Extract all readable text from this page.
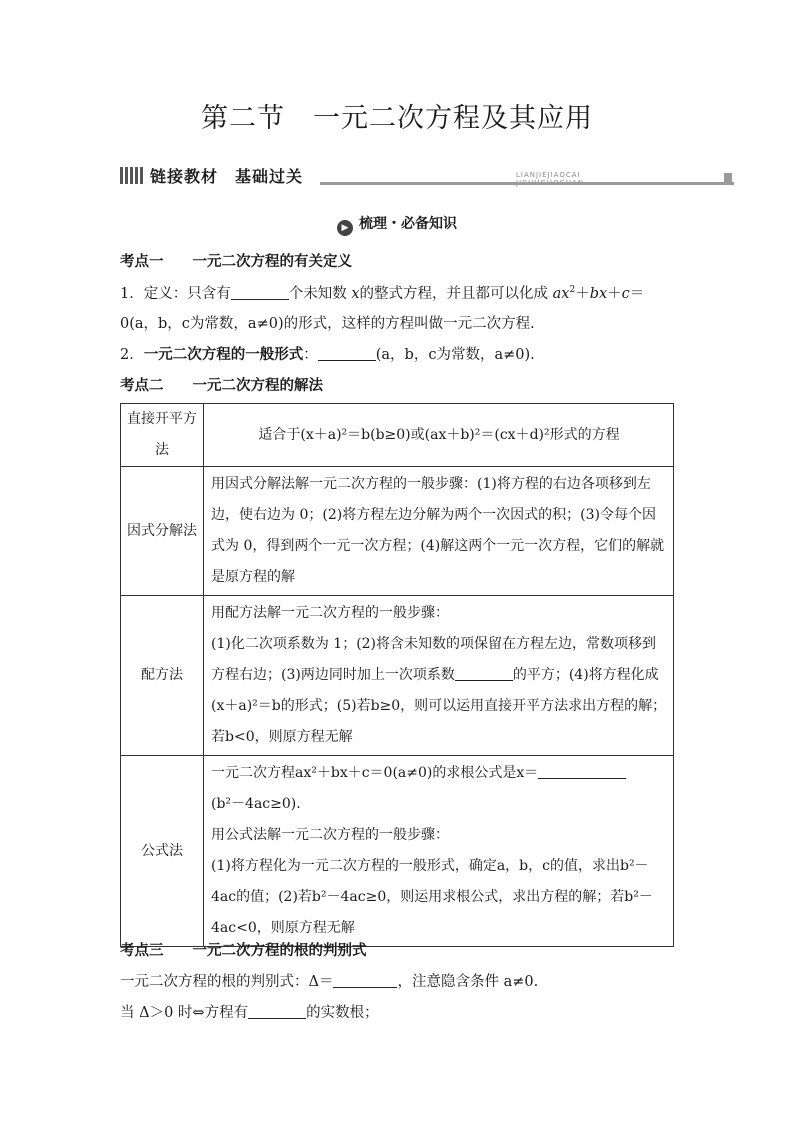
第二节　一元二次方程及其应用
链接教材　基础过关	LIANJIEJIAOCAI
▶ 梳理・必备知识
考点一　　一元二次方程的有关定义
1．定义：只含有	个未知数 x的整式方程，并且都可以化成 $ax^2+bx+c=$
0(a，b，c为常数，a≠0)的形式，这样的方程叫做一元二次方程.
2．一元二次方程的一般形式：	(a，b，c为常数，a≠0).
考点二　　一元二次方程的解法
直接开平方法	适合于(x＋a)²＝b(b≥0)或(ax＋b)²＝(cx＋d)²形式的方程
因式分解法	用因式分解法解一元二次方程的一般步骤：(1)将方程的右边各项移到左边，使右边为 0；(2)将方程左边分解为两个一次因式的积；(3)令每个因式为 0，得到两个一元一次方程；(4)解这两个一元一次方程，它们的解就是原方程的解
配方法	用配方法解一元二次方程的一般步骤：
(1)化二次项系数为 1；(2)将含未知数的项保留在方程左边，常数项移到方程右边；(3)两边同时加上一次项系数 的平方；(4)将方程化成(x＋a)²＝b的形式；(5)若b≥0，则可以运用直接开平方法求出方程的解；若b<0，则原方程无解
公式法	一元二次方程ax²＋bx＋c＝0(a≠0)的求根公式是x＝
(b²－4ac≥0).
用公式法解一元二次方程的一般步骤：
(1)将方程化为一元二次方程的一般形式，确定a，b，c的值，求出b²－4ac的值；(2)若b²－4ac≥0，则运用求根公式，求出方程的解；若b²－4ac<0，则原方程无解
考点三　　一元二次方程的根的判别式
一元二次方程的根的判别式：Δ＝	，注意隐含条件 a≠0.
当 Δ＞0 时⇔方程有	的实数根；
